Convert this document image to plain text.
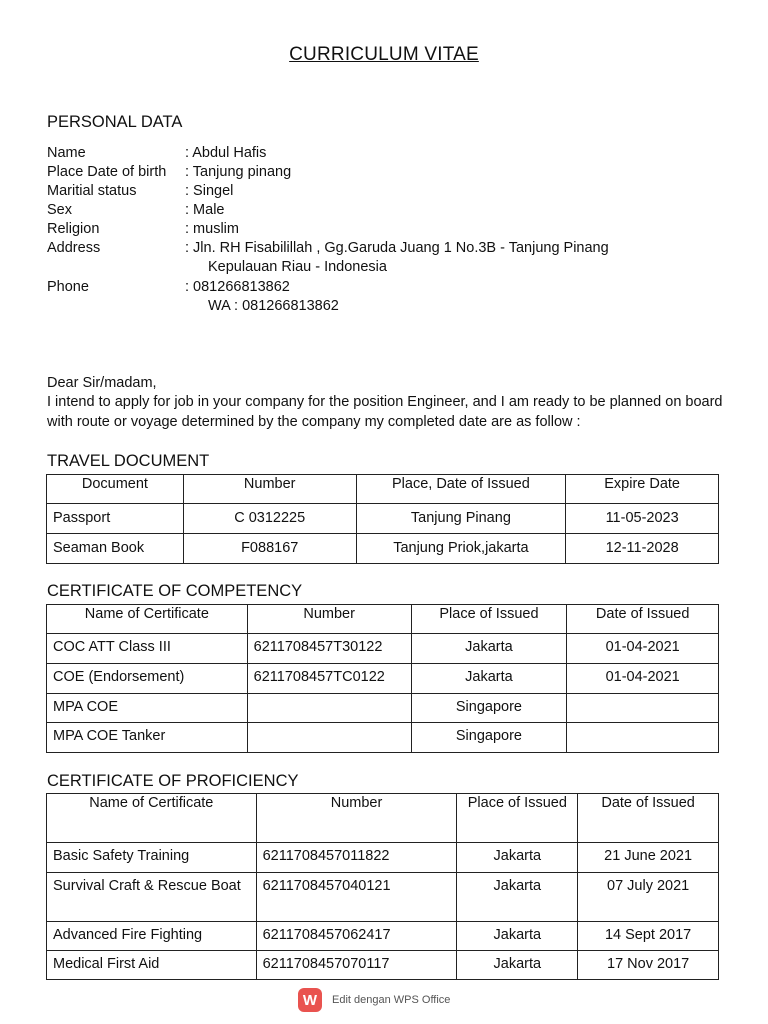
CURRICULUM VITAE
PERSONAL DATA
Name	: Abdul Hafis
Place Date of birth : Tanjung pinang
Maritial status	: Singel
Sex	: Male
Religion	: muslim
Address	: Jln. RH Fisabilillah , Gg.Garuda Juang 1 No.3B - Tanjung Pinang
Kepulauan Riau - Indonesia
Phone	: 081266813862
WA : 081266813862
Dear Sir/madam,
I intend to apply for job in your company for the position Engineer, and I am ready to be planned on board with route or voyage determined by the company my completed date are as follow :
TRAVEL DOCUMENT
Document	Number	Place, Date of Issued	Expire Date
Passport	C 0312225	Tanjung Pinang	11-05-2023
Seaman Book	F088167	Tanjung Priok,jakarta	12-11-2028
CERTIFICATE OF COMPETENCY
Name of Certificate	Number	Place of Issued	Date of Issued
COC ATT Class III	6211708457T30122	Jakarta	01-04-2021
COE (Endorsement)	6211708457TC0122	Jakarta	01-04-2021
MPA COE		Singapore	
MPA COE Tanker		Singapore	
CERTIFICATE OF PROFICIENCY
Name of Certificate	Number	Place of Issued	Date of Issued
Basic Safety Training	6211708457011822	Jakarta	21 June 2021
Survival Craft & Rescue Boat	6211708457040121	Jakarta	07 July 2021
Advanced Fire Fighting	6211708457062417	Jakarta	14 Sept 2017
Medical First Aid	6211708457070117	Jakarta	17 Nov 2017
W	Edit dengan WPS Office
